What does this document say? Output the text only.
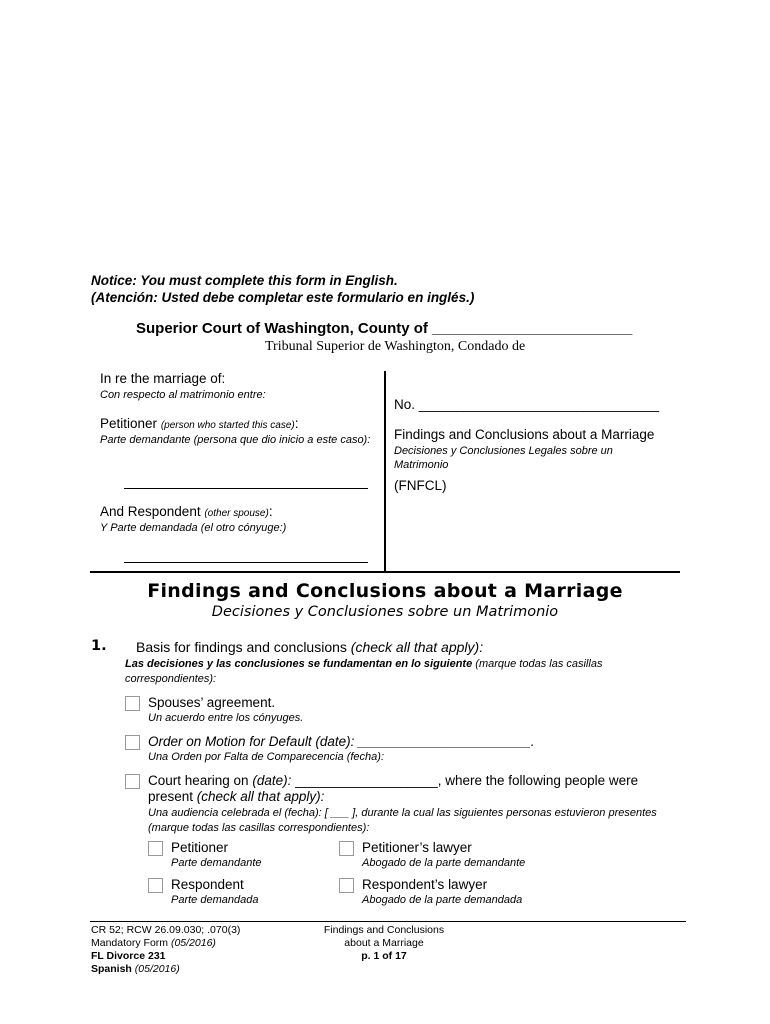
Notice: You must complete this form in English.
(Atención: Usted debe completar este formulario en inglés.)
Superior Court of Washington, County of ________________________
Tribunal Superior de Washington, Condado de
In re the marriage of:
Con respecto al matrimonio entre:
Petitioner (person who started this case):
Parte demandante (persona que dio inicio a este caso):
And Respondent (other spouse):
Y Parte demandada (el otro cónyuge:)
No. ________________________________
Findings and Conclusions about a Marriage
Decisiones y Conclusiones Legales sobre un Matrimonio
(FNFCL)
Findings and Conclusions about a Marriage
Decisiones y Conclusiones sobre un Matrimonio
1. Basis for findings and conclusions (check all that apply):
Las decisiones y las conclusiones se fundamentan en lo siguiente (marque todas las casillas correspondientes):
Spouses’ agreement.
Un acuerdo entre los cónyuges.
Order on Motion for Default (date): _______________________.
Una Orden por Falta de Comparecencia (fecha):
Court hearing on (date): ___________________, where the following people were present (check all that apply):
Una audiencia celebrada el (fecha): [ ___ ], durante la cual las siguientes personas estuvieron presentes (marque todas las casillas correspondientes):
Petitioner
Parte demandante
Petitioner’s lawyer
Abogado de la parte demandante
Respondent
Parte demandada
Respondent’s lawyer
Abogado de la parte demandada
CR 52; RCW 26.09.030; .070(3)
Mandatory Form (05/2016)
FL Divorce 231
Spanish (05/2016)
Findings and Conclusions
about a Marriage
p. 1 of 17
